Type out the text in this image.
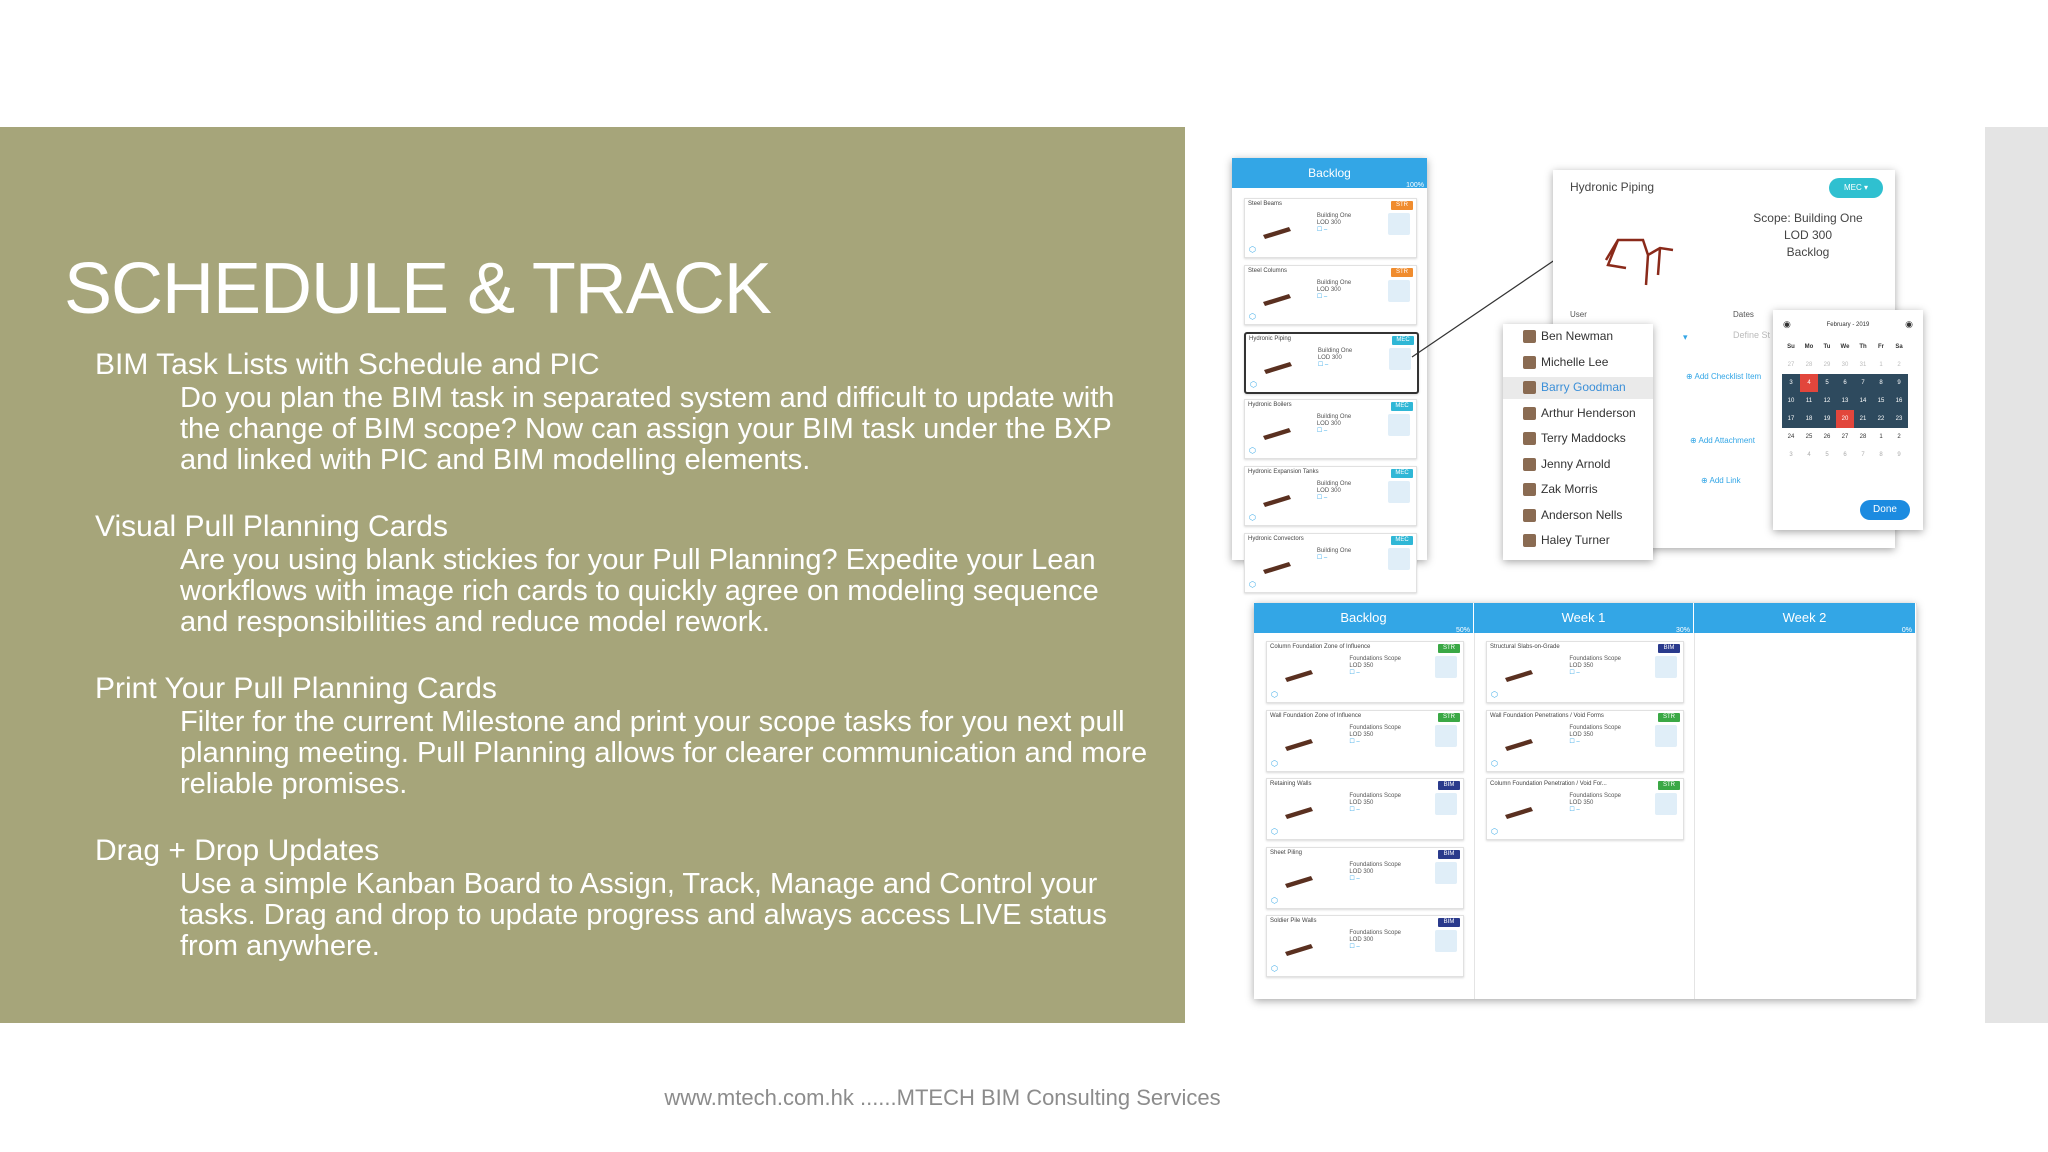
SCHEDULE & TRACK
BIM Task Lists with Schedule and PIC
Do you plan the BIM task in separated system and difficult to update with the change of BIM scope? Now can assign your BIM task under the BXP and linked with PIC and BIM modelling elements.
Visual Pull Planning Cards
Are you using blank stickies for your Pull Planning? Expedite your Lean workflows with image rich cards to quickly agree on modeling sequence and responsibilities and reduce model rework.
Print Your Pull Planning Cards
Filter for the current Milestone and print your scope tasks for you next pull planning meeting. Pull Planning allows for clearer communication and more reliable promises.
Drag + Drop Updates
Use a simple Kanban Board to Assign, Track, Manage and Control your tasks. Drag and drop to update progress and always access LIVE status from anywhere.
www.mtech.com.hk ......MTECH BIM Consulting Services
Backlog
100%
Steel Beams	STR
Building One
LOD 300
☐ –
⬡
Steel Columns	STR
Building One
LOD 300
☐ –
⬡
Hydronic Piping	MEC
Building One
LOD 300
☐ –
⬡
Hydronic Boilers	MEC
Building One
LOD 300
☐ –
⬡
Hydronic Expansion Tanks	MEC
Building One
LOD 300
☐ –
⬡
Hydronic Convectors	MEC
Building One
☐ –
⬡
Hydronic Piping	MEC ▾
Scope: Building One
LOD 300
Backlog
User	Dates
Define St
▾
⊕ Add Checklist Item
⊕ Add Attachment
⊕ Add Link
Ben Newman
Michelle Lee
Barry Goodman
Arthur Henderson
Terry Maddocks
Jenny Arnold
Zak Morris
Anderson Nells
Haley Turner
◉	◉
February - 2019
Su	Mo	Tu	We	Th	Fr	Sa
27	28	29	30	31	1	2
3	4	5	6	7	8	9
10	11	12	13	14	15	16
17	18	19	20	21	22	23
24	25	26	27	28	1	2
3	4	5	6	7	8	9
Done
Backlog
50%
Column Foundation Zone of Influence	STR
Foundations Scope
LOD 350
☐ –
⬡
Wall Foundation Zone of Influence	STR
Foundations Scope
LOD 350
☐ –
⬡
Retaining Walls	BIM
Foundations Scope
LOD 350
☐ –
⬡
Sheet Piling	BIM
Foundations Scope
LOD 300
☐ –
⬡
Soldier Pile Walls	BIM
Foundations Scope
LOD 300
☐ –
⬡
Week 1
30%
Structural Slabs-on-Grade	BIM
Foundations Scope
LOD 350
☐ –
⬡
Wall Foundation Penetrations / Void Forms	STR
Foundations Scope
LOD 350
☐ –
⬡
Column Foundation Penetration / Void For...	STR
Foundations Scope
LOD 350
☐ –
⬡
Week 2
0%
